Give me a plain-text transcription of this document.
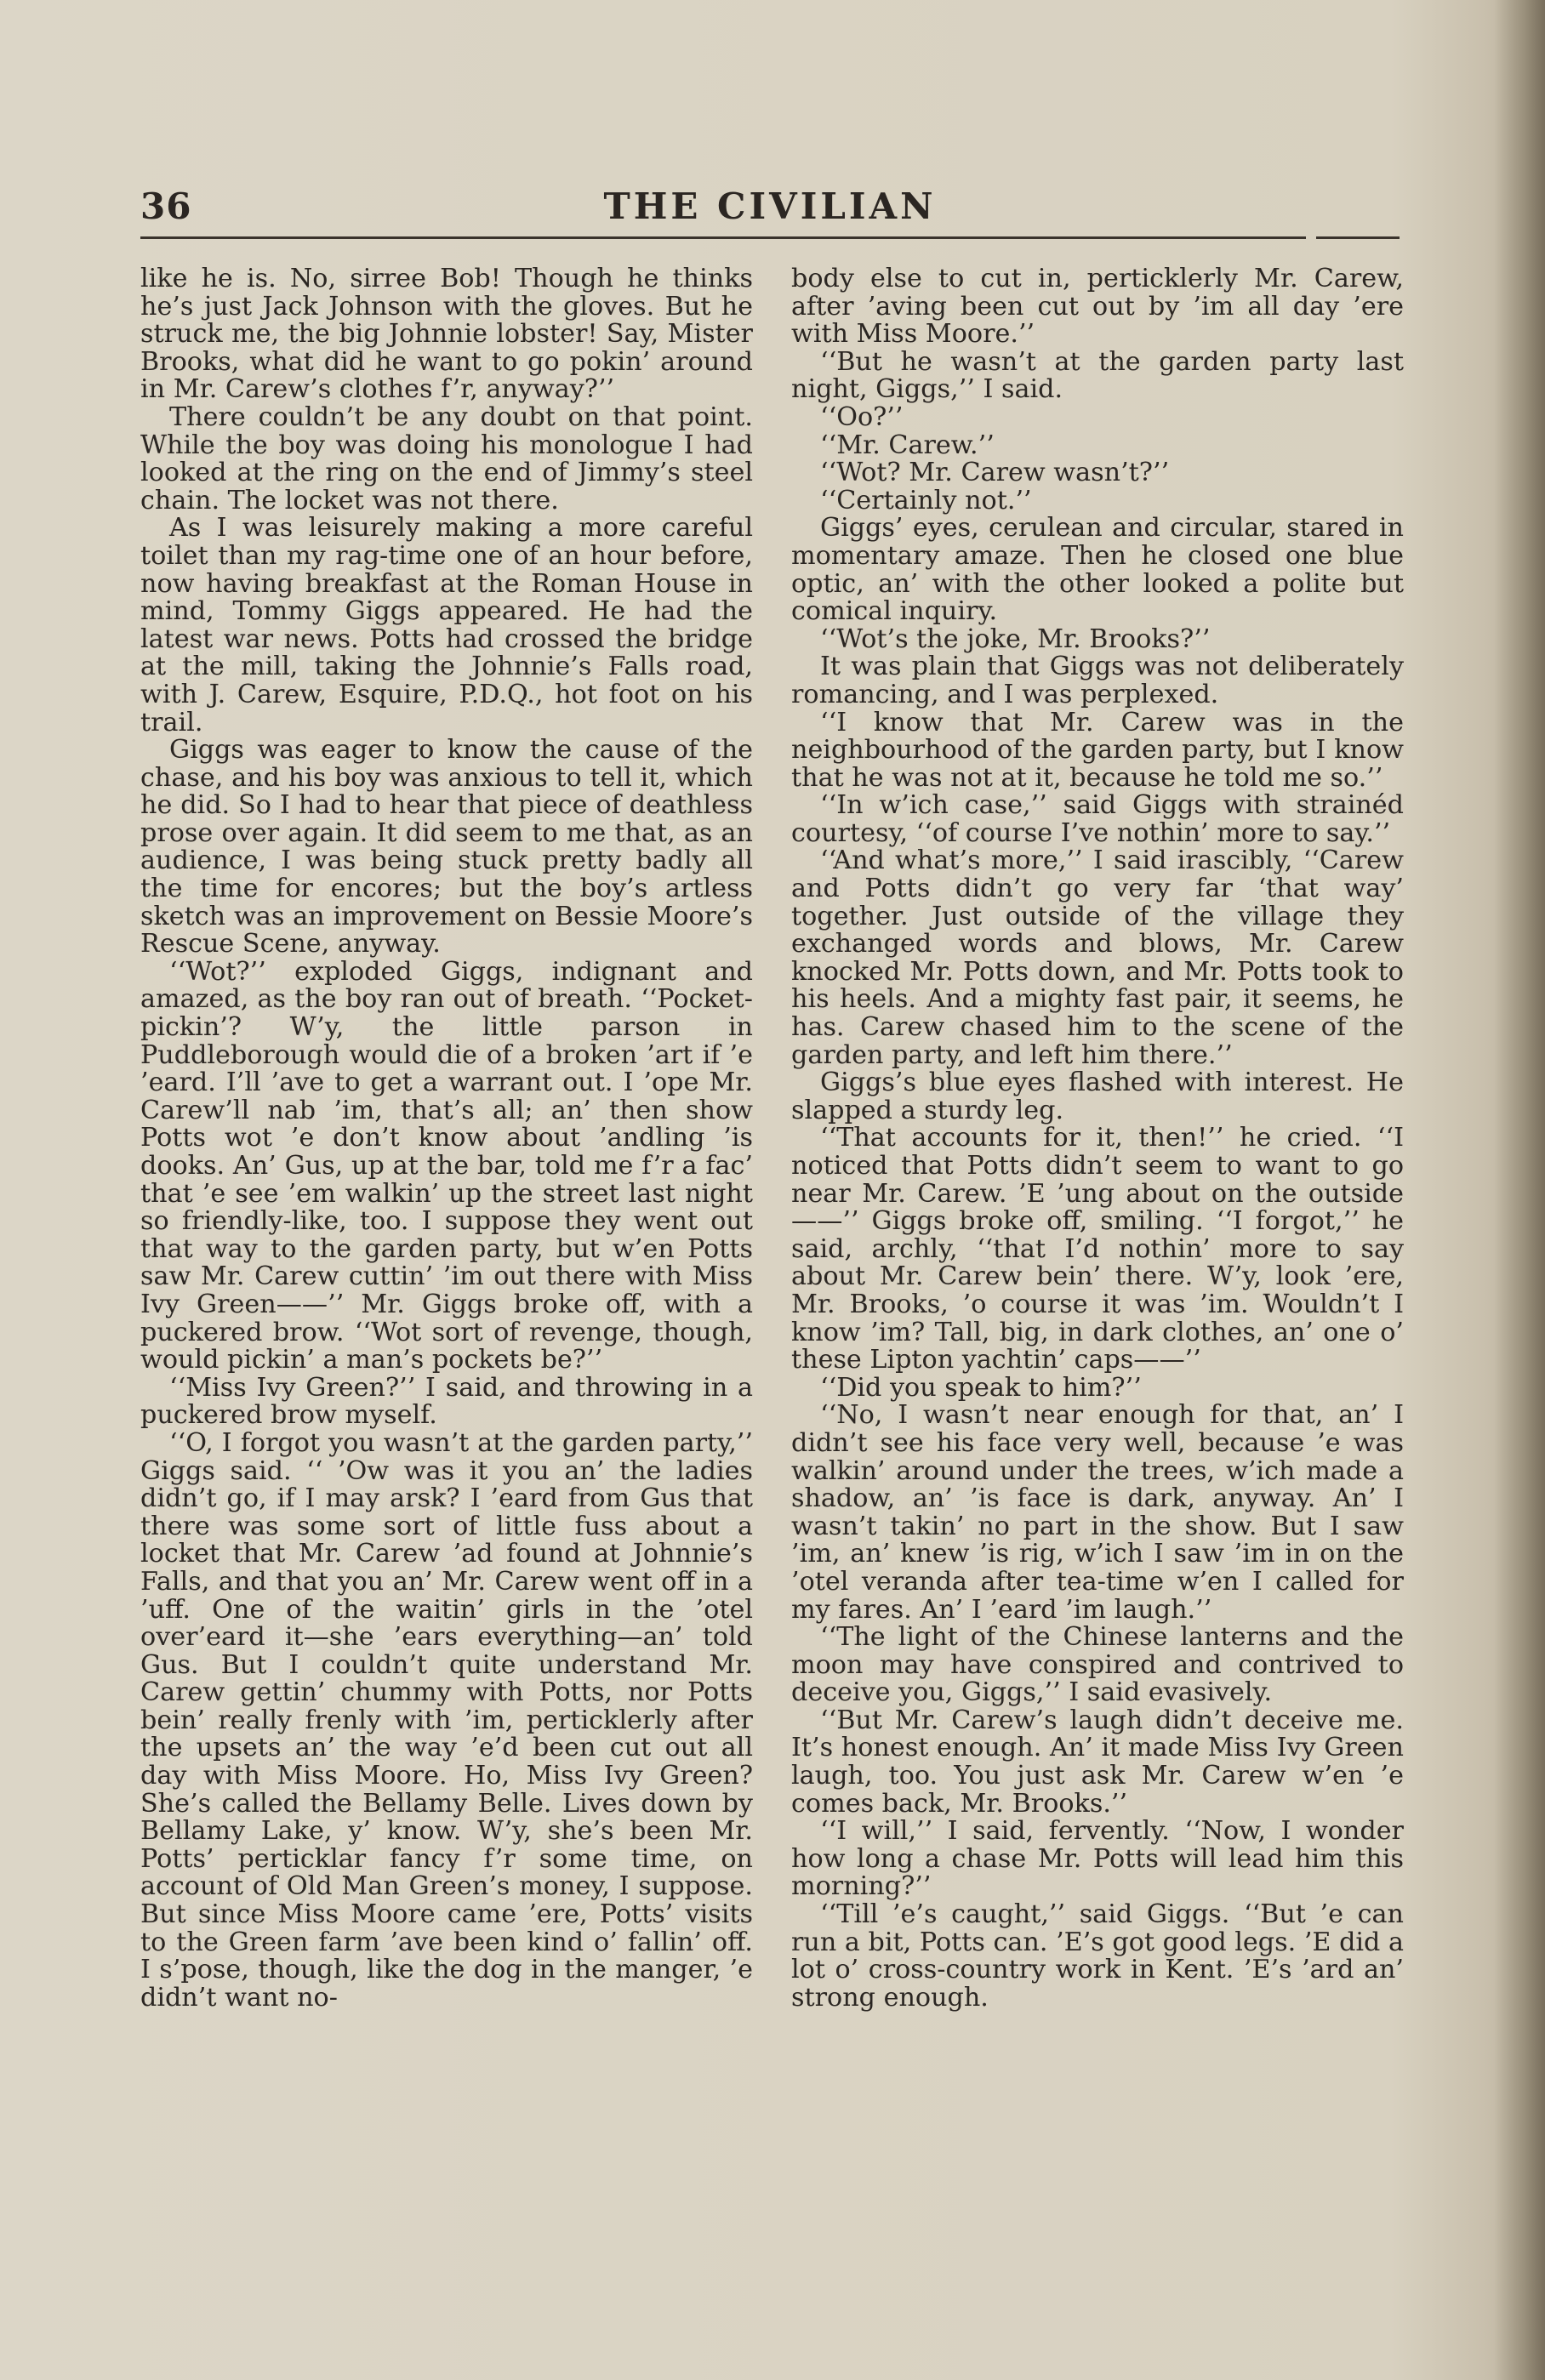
36	THE CIVILIAN

like he is. No, sirree Bob! Though he thinks he’s just Jack Johnson with the gloves. But he struck me, the big Johnnie lobster! Say, Mister Brooks, what did he want to go pokin’ around in Mr. Carew’s clothes f’r, anyway?’’

There couldn’t be any doubt on that point. While the boy was doing his monologue I had looked at the ring on the end of Jimmy’s steel chain. The locket was not there.

As I was leisurely making a more careful toilet than my rag-time one of an hour before, now having breakfast at the Roman House in mind, Tommy Giggs appeared. He had the latest war news. Potts had crossed the bridge at the mill, taking the Johnnie’s Falls road, with J. Carew, Esquire, P.D.Q., hot foot on his trail.

Giggs was eager to know the cause of the chase, and his boy was anxious to tell it, which he did. So I had to hear that piece of deathless prose over again. It did seem to me that, as an audience, I was being stuck pretty badly all the time for encores; but the boy’s artless sketch was an improvement on Bessie Moore’s Rescue Scene, anyway.

‘‘Wot?’’ exploded Giggs, indignant and amazed, as the boy ran out of breath. ‘‘Pocket-pickin’? W’y, the little parson in Puddleborough would die of a broken ’art if ’e ’eard. I’ll ’ave to get a warrant out. I ’ope Mr. Carew’ll nab ’im, that’s all; an’ then show Potts wot ’e don’t know about ’andling ’is dooks. An’ Gus, up at the bar, told me f’r a fac’ that ’e see ’em walkin’ up the street last night so friendly-like, too. I suppose they went out that way to the garden party, but w’en Potts saw Mr. Carew cuttin’ ’im out there with Miss Ivy Green——’’ Mr. Giggs broke off, with a puckered brow. ‘‘Wot sort of revenge, though, would pickin’ a man’s pockets be?’’

‘‘Miss Ivy Green?’’ I said, and throwing in a puckered brow myself.

‘‘O, I forgot you wasn’t at the garden party,’’ Giggs said. ‘‘ ’Ow was it you an’ the ladies didn’t go, if I may arsk? I ’eard from Gus that there was some sort of little fuss about a locket that Mr. Carew ’ad found at Johnnie’s Falls, and that you an’ Mr. Carew went off in a ’uff. One of the waitin’ girls in the ’otel over’eard it—she ’ears everything—an’ told Gus. But I couldn’t quite understand Mr. Carew gettin’ chummy with Potts, nor Potts bein’ really frenly with ’im, perticklerly after the upsets an’ the way ’e’d been cut out all day with Miss Moore. Ho, Miss Ivy Green? She’s called the Bellamy Belle. Lives down by Bellamy Lake, y’ know. W’y, she’s been Mr. Potts’ perticklar fancy f’r some time, on account of Old Man Green’s money, I suppose. But since Miss Moore came ’ere, Potts’ visits to the Green farm ’ave been kind o’ fallin’ off. I s’pose, though, like the dog in the manger, ’e didn’t want no-

body else to cut in, perticklerly Mr. Carew, after ’aving been cut out by ’im all day ’ere with Miss Moore.’’

‘‘But he wasn’t at the garden party last night, Giggs,’’ I said.

‘‘Oo?’’

‘‘Mr. Carew.’’

‘‘Wot? Mr. Carew wasn’t?’’

‘‘Certainly not.’’

Giggs’ eyes, cerulean and circular, stared in momentary amaze. Then he closed one blue optic, an’ with the other looked a polite but comical inquiry.

‘‘Wot’s the joke, Mr. Brooks?’’

It was plain that Giggs was not deliberately romancing, and I was perplexed.

‘‘I know that Mr. Carew was in the neighbourhood of the garden party, but I know that he was not at it, because he told me so.’’

‘‘In w’ich case,’’ said Giggs with strainéd courtesy, ‘‘of course I’ve nothin’ more to say.’’

‘‘And what’s more,’’ I said irascibly, ‘‘Carew and Potts didn’t go very far ‘that way’ together. Just outside of the village they exchanged words and blows, Mr. Carew knocked Mr. Potts down, and Mr. Potts took to his heels. And a mighty fast pair, it seems, he has. Carew chased him to the scene of the garden party, and left him there.’’

Giggs’s blue eyes flashed with interest. He slapped a sturdy leg.

‘‘That accounts for it, then!’’ he cried. ‘‘I noticed that Potts didn’t seem to want to go near Mr. Carew. ’E ’ung about on the outside——’’ Giggs broke off, smiling. ‘‘I forgot,’’ he said, archly, ‘‘that I’d nothin’ more to say about Mr. Carew bein’ there. W’y, look ’ere, Mr. Brooks, ’o course it was ’im. Wouldn’t I know ’im? Tall, big, in dark clothes, an’ one o’ these Lipton yachtin’ caps——’’

‘‘Did you speak to him?’’

‘‘No, I wasn’t near enough for that, an’ I didn’t see his face very well, because ’e was walkin’ around under the trees, w’ich made a shadow, an’ ’is face is dark, anyway. An’ I wasn’t takin’ no part in the show. But I saw ’im, an’ knew ’is rig, w’ich I saw ’im in on the ’otel veranda after tea-time w’en I called for my fares. An’ I ’eard ’im laugh.’’

‘‘The light of the Chinese lanterns and the moon may have conspired and contrived to deceive you, Giggs,’’ I said evasively.

‘‘But Mr. Carew’s laugh didn’t deceive me. It’s honest enough. An’ it made Miss Ivy Green laugh, too. You just ask Mr. Carew w’en ’e comes back, Mr. Brooks.’’

‘‘I will,’’ I said, fervently. ‘‘Now, I wonder how long a chase Mr. Potts will lead him this morning?’’

‘‘Till ’e’s caught,’’ said Giggs. ‘‘But ’e can run a bit, Potts can. ’E’s got good legs. ’E did a lot o’ cross-country work in Kent. ’E’s ’ard an’ strong enough.
